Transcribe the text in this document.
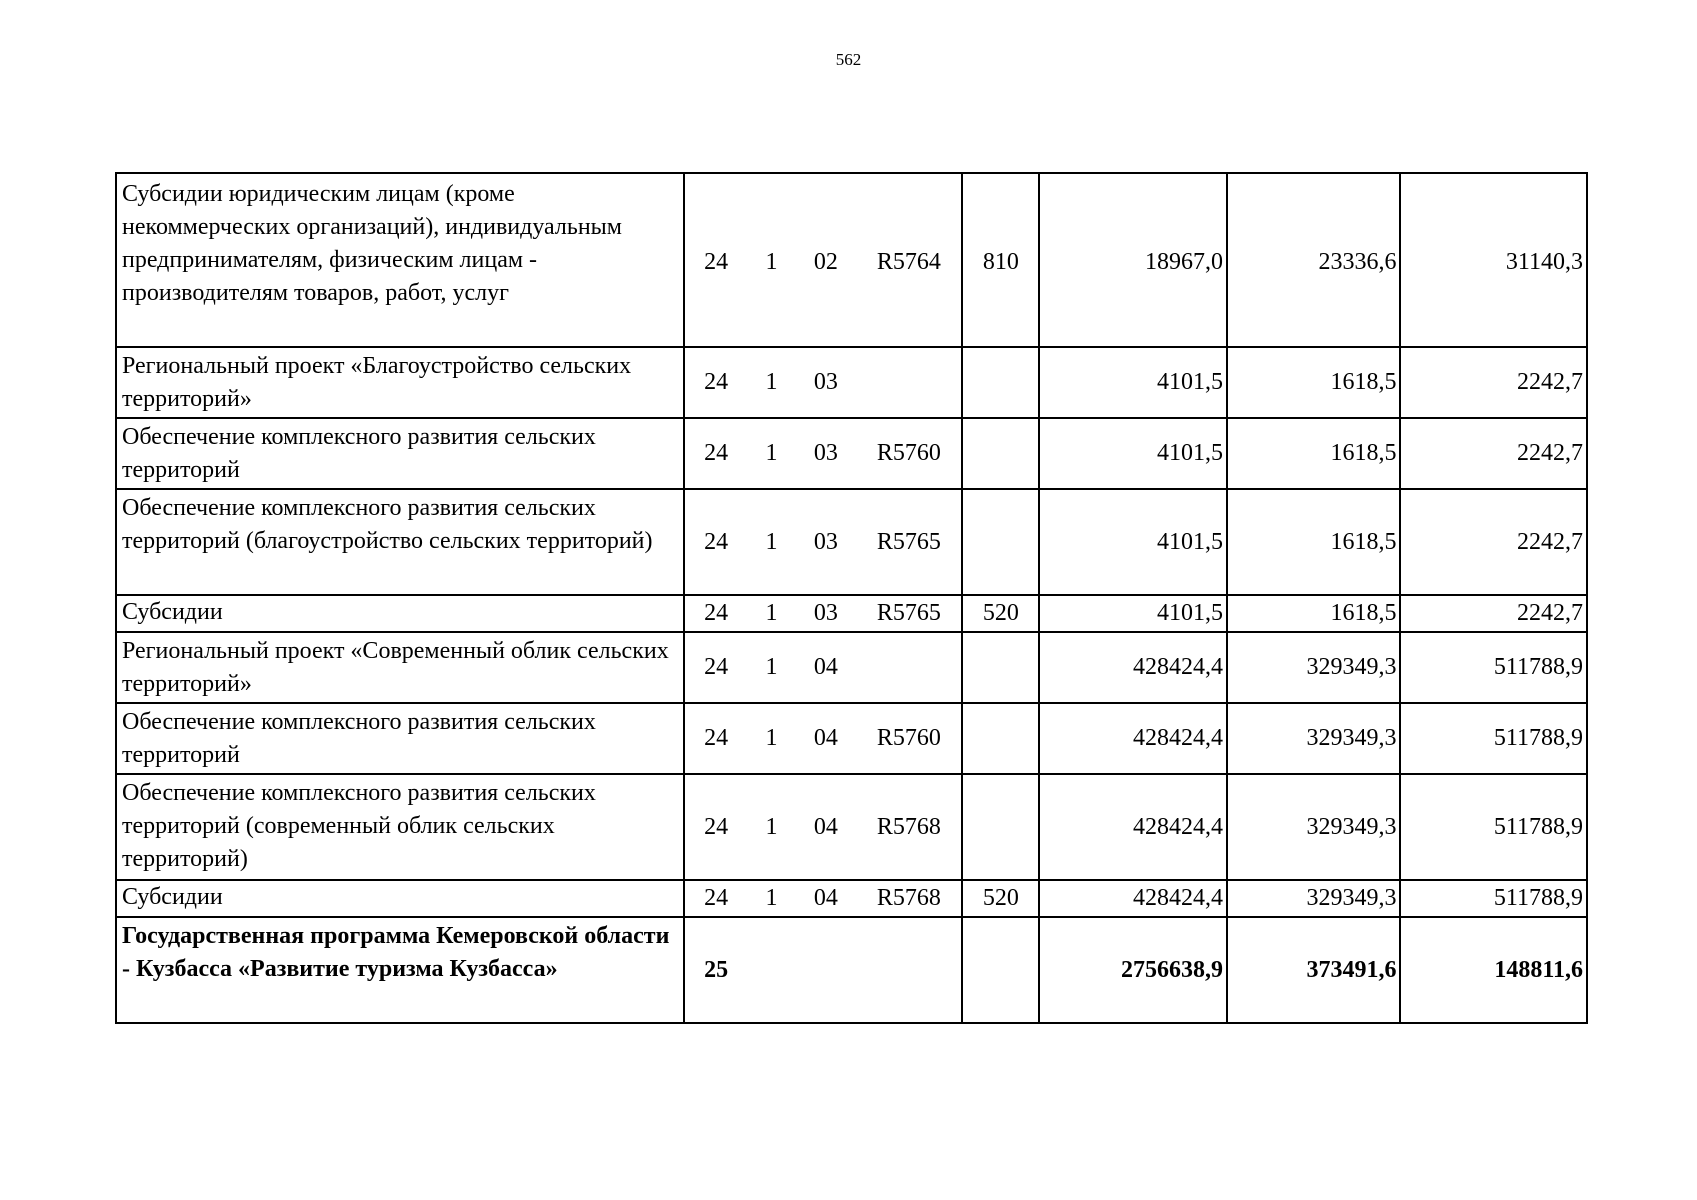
562
Субсидии юридическим лицам (кроме некоммерческих организаций), индивидуальным предпринимателям, физическим лицам - производителям товаров, работ, услуг	24 1 02 R5764	810	18967,0	23336,6	31140,3
Региональный проект «Благоустройство сельских территорий»	24 1 03		4101,5	1618,5	2242,7
Обеспечение комплексного развития сельских территорий	24 1 03 R5760		4101,5	1618,5	2242,7
Обеспечение комплексного развития сельских территорий (благоустройство сельских территорий)	24 1 03 R5765		4101,5	1618,5	2242,7
Субсидии	24 1 03 R5765	520	4101,5	1618,5	2242,7
Региональный проект «Современный облик сельских территорий»	24 1 04		428424,4	329349,3	511788,9
Обеспечение комплексного развития сельских территорий	24 1 04 R5760		428424,4	329349,3	511788,9
Обеспечение комплексного развития сельских территорий (современный облик сельских территорий)	24 1 04 R5768		428424,4	329349,3	511788,9
Субсидии	24 1 04 R5768	520	428424,4	329349,3	511788,9
Государственная программа Кемеровской области - Кузбасса «Развитие туризма Кузбасса»	25		2756638,9	373491,6	148811,6
